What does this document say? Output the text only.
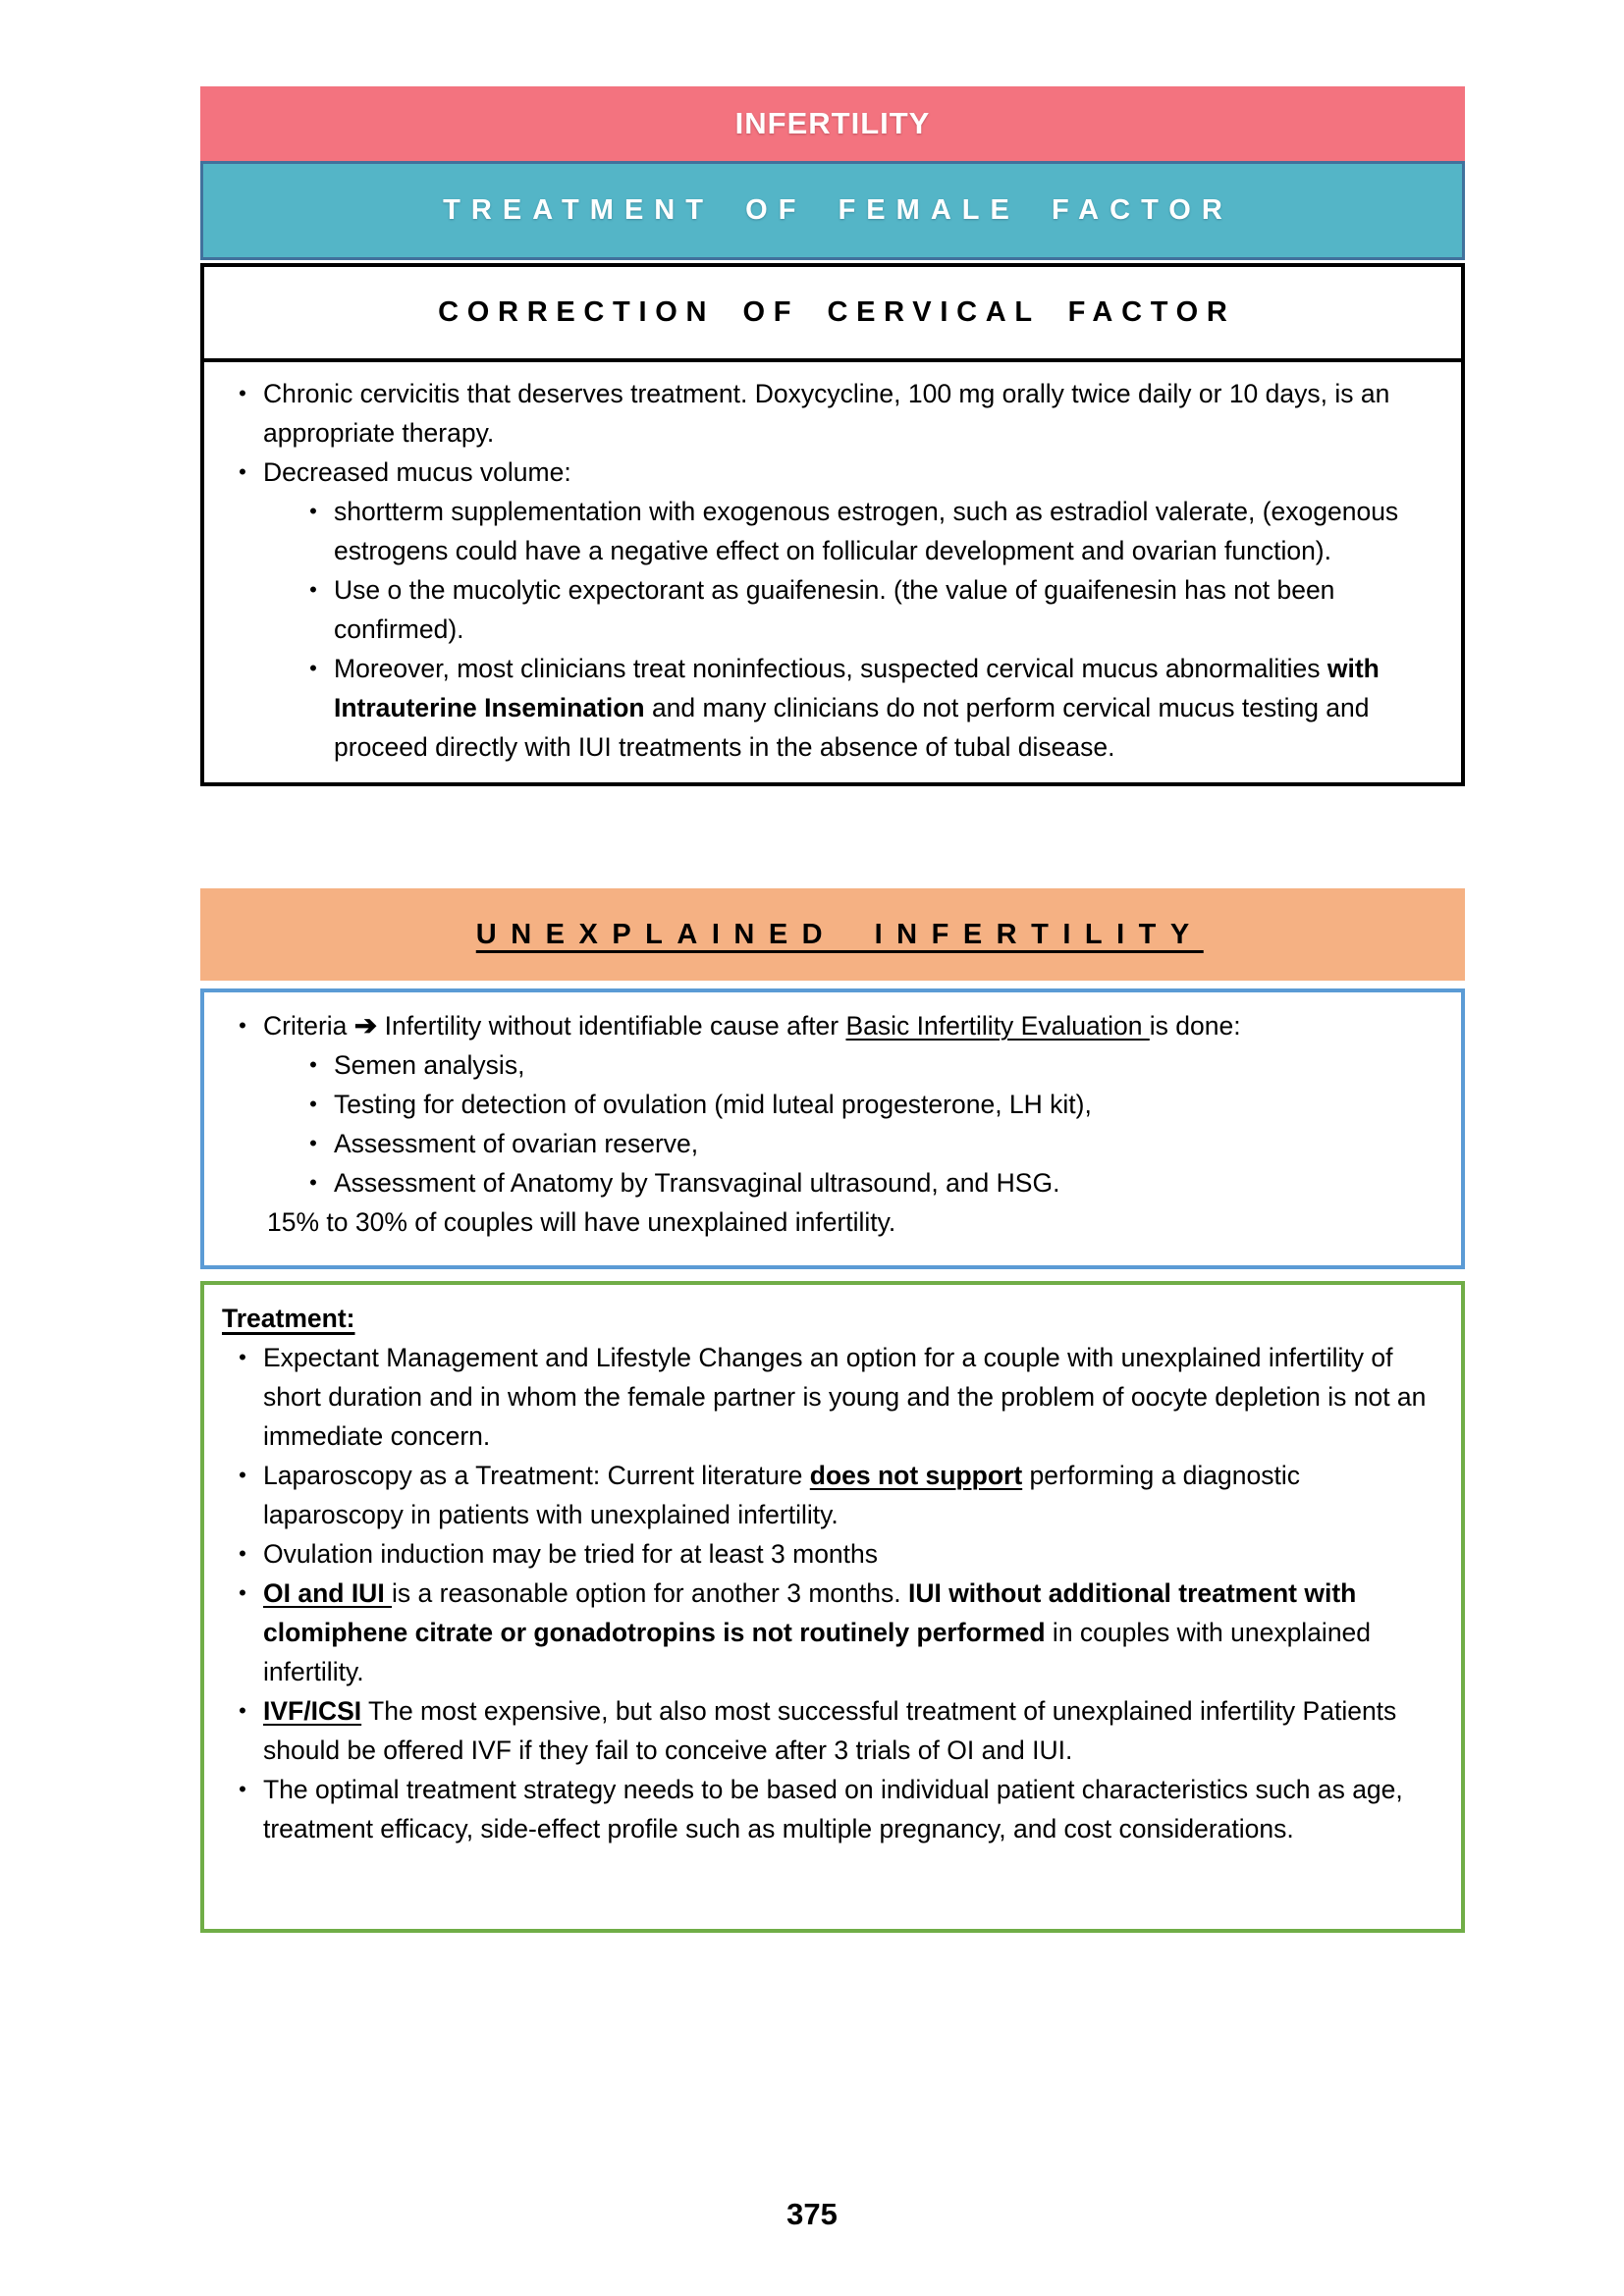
INFERTILITY
TREATMENT OF FEMALE FACTOR
CORRECTION OF CERVICAL FACTOR
• Chronic cervicitis that deserves treatment. Doxycycline, 100 mg orally twice daily or 10 days, is an appropriate therapy.
• Decreased mucus volume:
• shortterm supplementation with exogenous estrogen, such as estradiol valerate, (exogenous estrogens could have a negative effect on follicular development and ovarian function).
• Use o the mucolytic expectorant as guaifenesin. (the value of guaifenesin has not been confirmed).
• Moreover, most clinicians treat noninfectious, suspected cervical mucus abnormalities with Intrauterine Insemination and many clinicians do not perform cervical mucus testing and proceed directly with IUI treatments in the absence of tubal disease.
UNEXPLAINED INFERTILITY
• Criteria ➔ Infertility without identifiable cause after Basic Infertility Evaluation is done:
• Semen analysis,
• Testing for detection of ovulation (mid luteal progesterone, LH kit),
• Assessment of ovarian reserve,
• Assessment of Anatomy by Transvaginal ultrasound, and HSG.
15% to 30% of couples will have unexplained infertility.
Treatment:
• Expectant Management and Lifestyle Changes an option for a couple with unexplained infertility of short duration and in whom the female partner is young and the problem of oocyte depletion is not an immediate concern.
• Laparoscopy as a Treatment: Current literature does not support performing a diagnostic laparoscopy in patients with unexplained infertility.
• Ovulation induction may be tried for at least 3 months
• OI and IUI is a reasonable option for another 3 months. IUI without additional treatment with clomiphene citrate or gonadotropins is not routinely performed in couples with unexplained infertility.
• IVF/ICSI The most expensive, but also most successful treatment of unexplained infertility Patients should be offered IVF if they fail to conceive after 3 trials of OI and IUI.
• The optimal treatment strategy needs to be based on individual patient characteristics such as age, treatment efficacy, side-effect profile such as multiple pregnancy, and cost considerations.
375
